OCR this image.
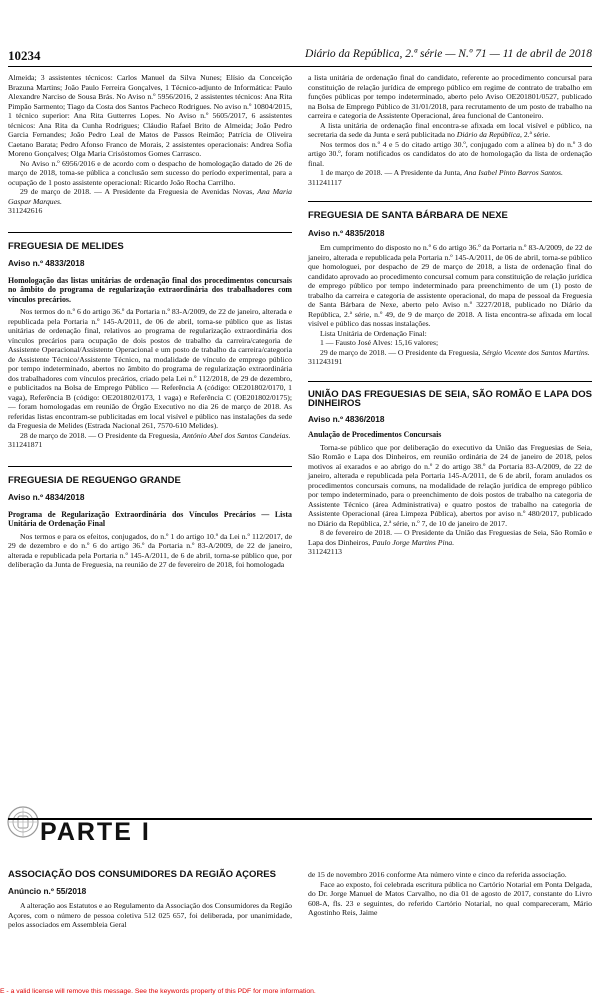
10234	Diário da República, 2.ª série — N.º 71 — 11 de abril de 2018

Almeida; 3 assistentes técnicos: Carlos Manuel da Silva Nunes; Elísio da Conceição Brazuna Martins; João Paulo Ferreira Gonçalves, 1 Técnico-adjunto de Informática: Paulo Alexandre Narciso de Sousa Brás. No Aviso n.º 5956/2016, 2 assistentes técnicos: Ana Rita Pimpão Sarmento; Tiago da Costa dos Santos Pacheco Rodrigues. No aviso n.º 10804/2015, 1 técnico superior: Ana Rita Gutterres Lopes. No Aviso n.º 5605/2017, 6 assistentes técnicos: Ana Rita da Cunha Rodrigues; Cláudio Rafael Brito de Almeida; João Pedro Garcia Fernandes; João Pedro Leal de Matos de Passos Reimão; Patrícia de Oliveira Caetano Barata; Pedro Afonso Franco de Morais, 2 assistentes operacionais: Andrea Sofia Moreno Gonçalves; Olga Maria Crisóstomos Gomes Carrasco.

No Aviso n.º 6956/2016 e de acordo com o despacho de homologação datado de 26 de março de 2018, toma-se pública a conclusão sem sucesso do período experimental, para a ocupação de 1 posto assistente operacional: Ricardo João Rocha Carrilho.

29 de março de 2018. — A Presidente da Freguesia de Avenidas Novas, Ana Maria Gaspar Marques.

311242616

FREGUESIA DE MELIDES

Aviso n.º 4833/2018

Homologação das listas unitárias de ordenação final dos procedimentos concursais no âmbito do programa de regularização extraordinária dos trabalhadores com vínculos precários.

Nos termos do n.º 6 do artigo 36.º da Portaria n.º 83-A/2009, de 22 de janeiro, alterada e republicada pela Portaria n.º 145-A/2011, de 06 de abril, torna-se público que as listas unitárias de ordenação final, relativos ao programa de regularização extraordinária dos vínculos precários para ocupação de dois postos de trabalho da carreira/categoria de Assistente Operacional/Assistente Operacional e um posto de trabalho da carreira/categoria de Assistente Técnico/Assistente Técnico, na modalidade de vínculo de emprego público por tempo indeterminado, abertos no âmbito do programa de regularização extraordinária dos trabalhadores com vínculos precários, criado pela Lei n.º 112/2018, de 29 de dezembro, e publicitados na Bolsa de Emprego Público — Referência A (código: OE201802/0170, 1 vaga), Referência B (código: OE201802/0173, 1 vaga) e Referência C (OE201802/0175); — foram homologadas em reunião de Órgão Executivo no dia 26 de março de 2018. As referidas listas encontram-se publicitadas em local visível e público nas instalações da sede da Freguesia de Melides (Estrada Nacional 261, 7570-610 Melides).

28 de março de 2018. — O Presidente da Freguesia, António Abel dos Santos Candeias.

311241871

FREGUESIA DE REGUENGO GRANDE

Aviso n.º 4834/2018

Programa de Regularização Extraordinária dos Vínculos Precários — Lista Unitária de Ordenação Final

Nos termos e para os efeitos, conjugados, do n.º 1 do artigo 10.º da Lei n.º 112/2017, de 29 de dezembro e do n.º 6 do artigo 36.º da Portaria n.º 83-A/2009, de 22 de janeiro, alterada e republicada pela Portaria n.º 145-A/2011, de 6 de abril, torna-se público que, por deliberação da Junta de Freguesia, na reunião de 27 de fevereiro de 2018, foi homologada

a lista unitária de ordenação final do candidato, referente ao procedimento concursal para constituição de relação jurídica de emprego público em regime de contrato de trabalho em funções públicas por tempo indeterminado, aberto pelo Aviso OE201801/0527, publicado na Bolsa de Emprego Público de 31/01/2018, para recrutamento de um posto de trabalho na carreira e categoria de Assistente Operacional, área funcional de Cantoneiro.

A lista unitária de ordenação final encontra-se afixada em local visível e público, na secretaria da sede da Junta e será publicitada no Diário da República, 2.ª série.

Nos termos dos n.º 4 e 5 do citado artigo 30.º, conjugado com a alínea b) do n.º 3 do artigo 30.º, foram notificados os candidatos do ato de homologação da lista de ordenação final.

1 de março de 2018. — A Presidente da Junta, Ana Isabel Pinto Barros Santos.

311241117

FREGUESIA DE SANTA BÁRBARA DE NEXE

Aviso n.º 4835/2018

Em cumprimento do disposto no n.º 6 do artigo 36.º da Portaria n.º 83-A/2009, de 22 de janeiro, alterada e republicada pela Portaria n.º 145-A/2011, de 06 de abril, torna-se público que homologuei, por despacho de 29 de março de 2018, a lista de ordenação final do candidato aprovado ao procedimento concursal comum para constituição de relação jurídica de emprego público por tempo indeterminado para preenchimento de um (1) posto de trabalho da carreira e categoria de assistente operacional, do mapa de pessoal da Freguesia de Santa Bárbara de Nexe, aberto pelo Aviso n.º 3227/2018, publicado no Diário da República, 2.ª série, n.º 49, de 9 de março de 2018. A lista encontra-se afixada em local visível e público das nossas instalações.

Lista Unitária de Ordenação Final:

1 — Fausto José Alves: 15,16 valores;

29 de março de 2018. — O Presidente da Freguesia, Sérgio Vicente dos Santos Martins.

311243191

UNIÃO DAS FREGUESIAS DE SEIA, SÃO ROMÃO E LAPA DOS DINHEIROS

Aviso n.º 4836/2018

Anulação de Procedimentos Concursais

Torna-se público que por deliberação do executivo da União das Freguesias de Seia, São Romão e Lapa dos Dinheiros, em reunião ordinária de 24 de janeiro de 2018, pelos motivos aí exarados e ao abrigo do n.º 2 do artigo 38.º da Portaria 83-A/2009, de 22 de janeiro, alterada e republicada pela Portaria 145-A/2011, de 6 de abril, foram anulados os procedimentos concursais comuns, na modalidade de relação jurídica de emprego público por tempo indeterminado, para o preenchimento de dois postos de trabalho na categoria de Assistente Técnico (área Administrativa) e quatro postos de trabalho na categoria de Assistente Operacional (área Limpeza Pública), abertos por aviso n.º 480/2017, publicado no Diário da República, 2.ª série, n.º 7, de 10 de janeiro de 2017.

8 de fevereiro de 2018. — O Presidente da União das Freguesias de Seia, São Romão e Lapa dos Dinheiros, Paulo Jorge Martins Pina.

311242113

PARTE I

ASSOCIAÇÃO DOS CONSUMIDORES DA REGIÃO AÇORES

Anúncio n.º 55/2018

A alteração aos Estatutos e ao Regulamento da Associação dos Consumidores da Região Açores, com o número de pessoa coletiva 512 025 657, foi deliberada, por unanimidade, pelos associados em Assembleia Geral

de 15 de novembro 2016 conforme Ata número vinte e cinco da referida associação.

Face ao exposto, foi celebrada escritura pública no Cartório Notarial em Ponta Delgada, do Dr. Jorge Manuel de Matos Carvalho, no dia 01 de agosto de 2017, constante do Livro 608-A, fls. 23 e seguintes, do referido Cartório Notarial, no qual compareceram, Mário Agostinho Reis, Jaime

E - a valid license will remove this message. See the keywords property of this PDF for more information.
